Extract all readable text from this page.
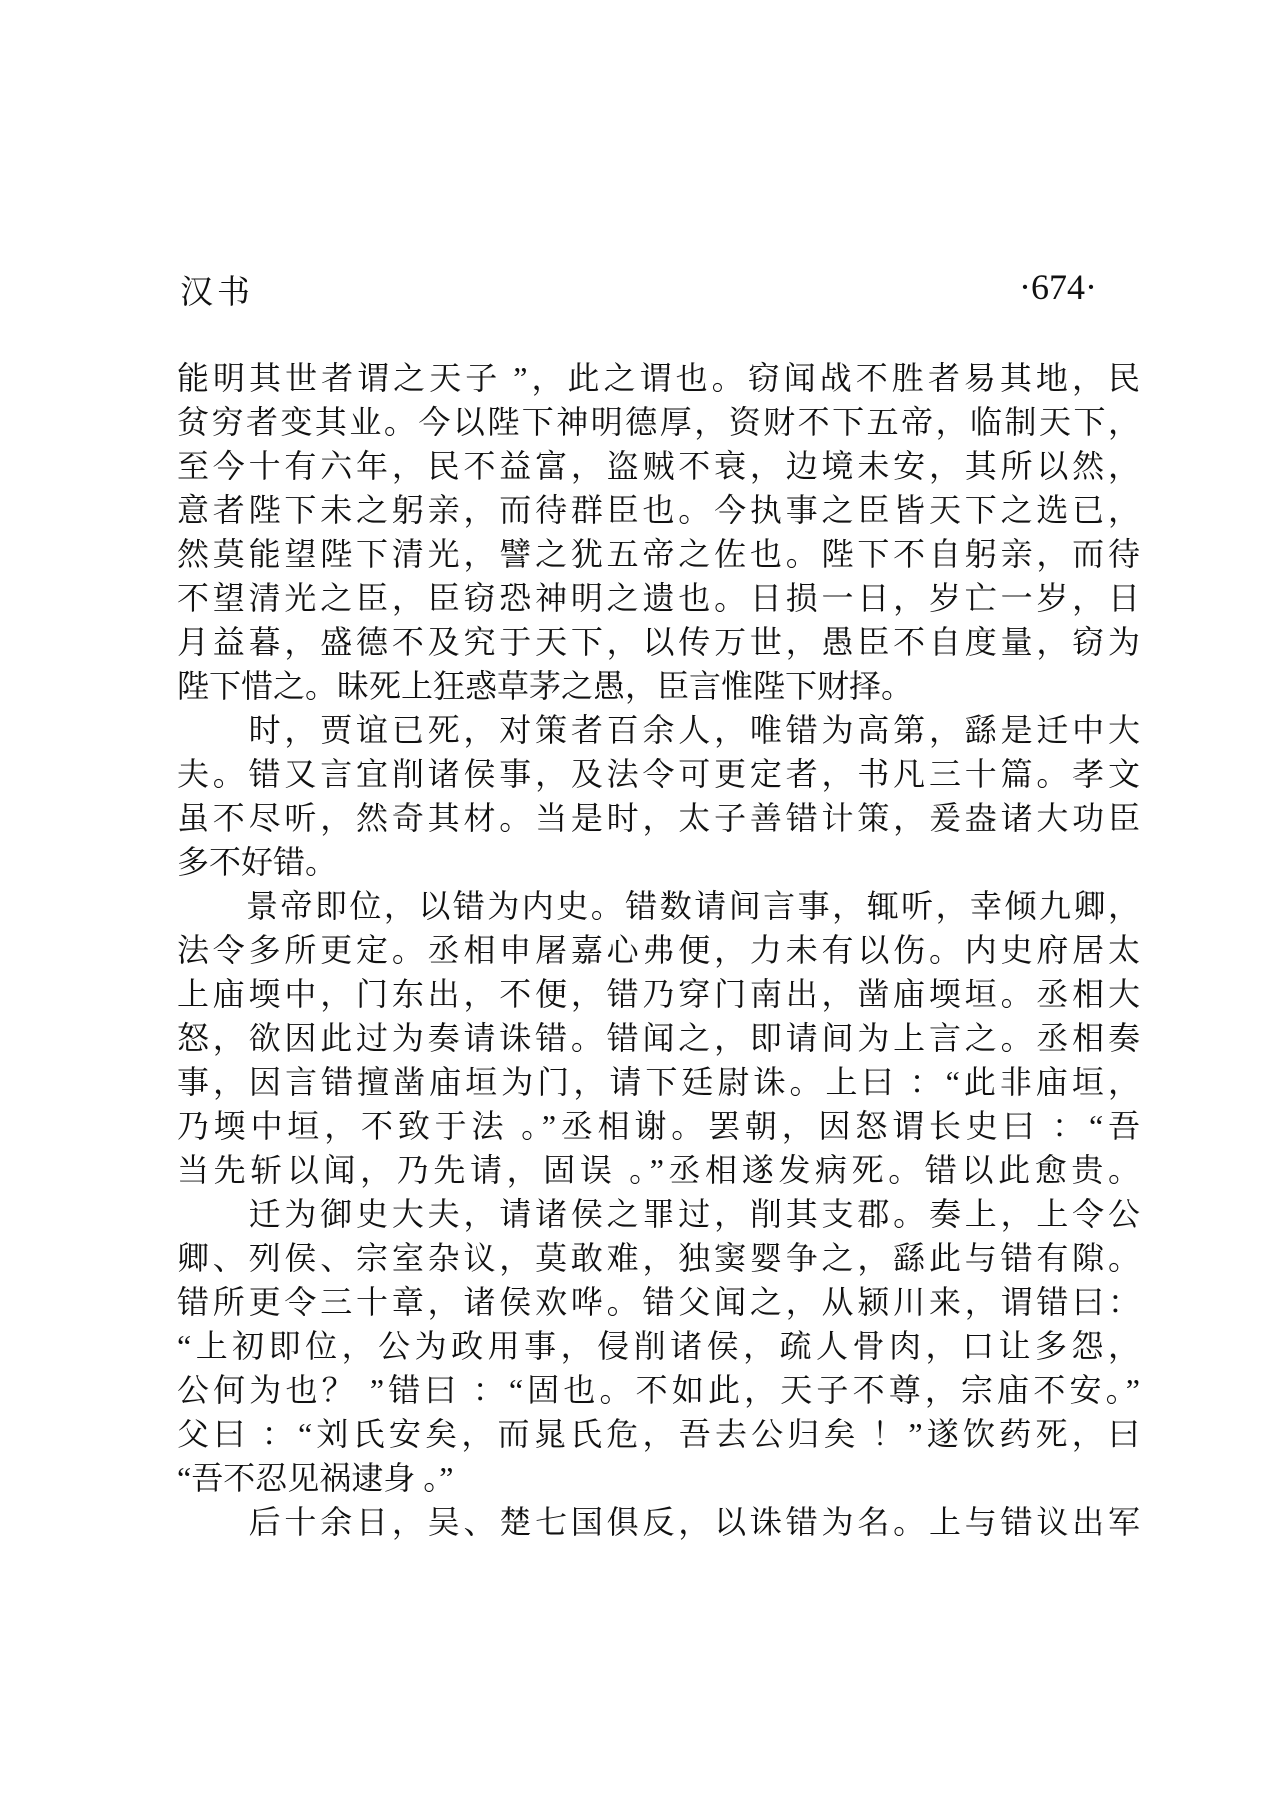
汉书	·674·
能明其世者谓之天子 ”，此之谓也。窃闻战不胜者易其地，民
贫穷者变其业。今以陛下神明德厚，资财不下五帝，临制天下，
至今十有六年，民不益富，盗贼不衰，边境未安，其所以然，
意者陛下未之躬亲，而待群臣也。今执事之臣皆天下之选已，
然莫能望陛下清光，譬之犹五帝之佐也。陛下不自躬亲，而待
不望清光之臣，臣窃恐神明之遗也。日损一日，岁亡一岁，日
月益暮，盛德不及究于天下，以传万世，愚臣不自度量，窃为
陛下惜之。昧死上狂惑草茅之愚，臣言惟陛下财择。
　　时，贾谊已死，对策者百余人，唯错为高第，繇是迁中大
夫。错又言宜削诸侯事，及法令可更定者，书凡三十篇。孝文
虽不尽听，然奇其材。当是时，太子善错计策，爰盎诸大功臣
多不好错。
　　景帝即位，以错为内史。错数请间言事，辄听，幸倾九卿，
法令多所更定。丞相申屠嘉心弗便，力未有以伤。内史府居太
上庙堧中，门东出，不便，错乃穿门南出，凿庙堧垣。丞相大
怒，欲因此过为奏请诛错。错闻之，即请间为上言之。丞相奏
事，因言错擅凿庙垣为门，请下廷尉诛。上曰 ：“此非庙垣，
乃堧中垣，不致于法 。”丞相谢。罢朝，因怒谓长史曰 ：“吾
当先斩以闻，乃先请，固误 。”丞相遂发病死。错以此愈贵。
　　迁为御史大夫，请诸侯之罪过，削其支郡。奏上，上令公
卿、列侯、宗室杂议，莫敢难，独窦婴争之，繇此与错有隙。
错所更令三十章，诸侯欢哗。错父闻之，从颍川来，谓错曰：
“上初即位，公为政用事，侵削诸侯，疏人骨肉，口让多怨，
公何为也？ ”错曰 ：“固也。不如此，天子不尊，宗庙不安。”
父曰 ：“刘氏安矣，而晁氏危，吾去公归矣 ！”遂饮药死，曰
“吾不忍见祸逮身 。”
　　后十余日，吴、楚七国俱反，以诛错为名。上与错议出军
